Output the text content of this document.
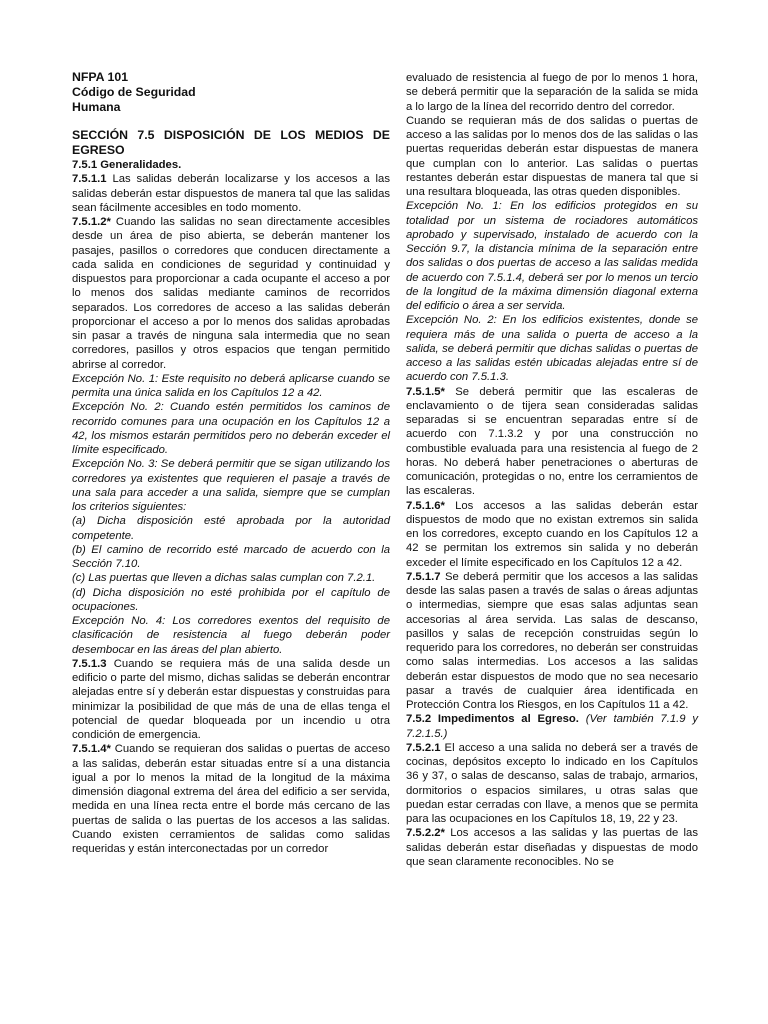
NFPA 101
Código de Seguridad
Humana
SECCIÓN 7.5 DISPOSICIÓN DE LOS MEDIOS DE EGRESO

7.5.1 Generalidades.

7.5.1.1 Las salidas deberán localizarse y los accesos a las salidas deberán estar dispuestos de manera tal que las salidas sean fácilmente accesibles en todo momento.

7.5.1.2* Cuando las salidas no sean directamente accesibles desde un área de piso abierta, se deberán mantener los pasajes, pasillos o corredores que conducen directamente a cada salida en condiciones de seguridad y continuidad y dispuestos para proporcionar a cada ocupante el acceso a por lo menos dos salidas mediante caminos de recorridos separados. Los corredores de acceso a las salidas deberán proporcionar el acceso a por lo menos dos salidas aprobadas sin pasar a través de ninguna sala intermedia que no sean corredores, pasillos y otros espacios que tengan permitido abrirse al corredor.

Excepción No. 1: Este requisito no deberá aplicarse cuando se permita una única salida en los Capítulos 12 a 42.

Excepción No. 2: Cuando estén permitidos los caminos de recorrido comunes para una ocupación en los Capítulos 12 a 42, los mismos estarán permitidos pero no deberán exceder el límite especificado.

Excepción No. 3: Se deberá permitir que se sigan utilizando los corredores ya existentes que requieren el pasaje a través de una sala para acceder a una salida, siempre que se cumplan los criterios siguientes:

(a) Dicha disposición esté aprobada por la autoridad competente.

(b) El camino de recorrido esté marcado de acuerdo con la Sección 7.10.

(c) Las puertas que lleven a dichas salas cumplan con 7.2.1.

(d) Dicha disposición no esté prohibida por el capítulo de ocupaciones.

Excepción No. 4: Los corredores exentos del requisito de clasificación de resistencia al fuego deberán poder desembocar en las áreas del plan abierto.

7.5.1.3 Cuando se requiera más de una salida desde un edificio o parte del mismo, dichas salidas se deberán encontrar alejadas entre sí y deberán estar dispuestas y construidas para minimizar la posibilidad de que más de una de ellas tenga el potencial de quedar bloqueada por un incendio u otra condición de emergencia.

7.5.1.4* Cuando se requieran dos salidas o puertas de acceso a las salidas, deberán estar situadas entre sí a una distancia igual a por lo menos la mitad de la longitud de la máxima dimensión diagonal extrema del área del edificio a ser servida, medida en una línea recta entre el borde más cercano de las puertas de salida o las puertas de los accesos a las salidas. Cuando existen cerramientos de salidas como salidas requeridas y están interconectadas por un corredor

evaluado de resistencia al fuego de por lo menos 1 hora, se deberá permitir que la separación de la salida se mida a lo largo de la línea del recorrido dentro del corredor.

Cuando se requieran más de dos salidas o puertas de acceso a las salidas por lo menos dos de las salidas o las puertas requeridas deberán estar dispuestas de manera que cumplan con lo anterior. Las salidas o puertas restantes deberán estar dispuestas de manera tal que si una resultara bloqueada, las otras queden disponibles.

Excepción No. 1: En los edificios protegidos en su totalidad por un sistema de rociadores automáticos aprobado y supervisado, instalado de acuerdo con la Sección 9.7, la distancia mínima de la separación entre dos salidas o dos puertas de acceso a las salidas medida de acuerdo con 7.5.1.4, deberá ser por lo menos un tercio de la longitud de la máxima dimensión diagonal externa del edificio o área a ser servida.

Excepción No. 2: En los edificios existentes, donde se requiera más de una salida o puerta de acceso a la salida, se deberá permitir que dichas salidas o puertas de acceso a las salidas estén ubicadas alejadas entre sí de acuerdo con 7.5.1.3.

7.5.1.5* Se deberá permitir que las escaleras de enclavamiento o de tijera sean consideradas salidas separadas si se encuentran separadas entre sí de acuerdo con 7.1.3.2 y por una construcción no combustible evaluada para una resistencia al fuego de 2 horas. No deberá haber penetraciones o aberturas de comunicación, protegidas o no, entre los cerramientos de las escaleras.

7.5.1.6* Los accesos a las salidas deberán estar dispuestos de modo que no existan extremos sin salida en los corredores, excepto cuando en los Capítulos 12 a 42 se permitan los extremos sin salida y no deberán exceder el límite especificado en los Capítulos 12 a 42.

7.5.1.7 Se deberá permitir que los accesos a las salidas desde las salas pasen a través de salas o áreas adjuntas o intermedias, siempre que esas salas adjuntas sean accesorias al área servida. Las salas de descanso, pasillos y salas de recepción construidas según lo requerido para los corredores, no deberán ser construidas como salas intermedias. Los accesos a las salidas deberán estar dispuestos de modo que no sea necesario pasar a través de cualquier área identificada en Protección Contra los Riesgos, en los Capítulos 11 a 42.

7.5.2 Impedimentos al Egreso. (Ver también 7.1.9 y 7.2.1.5.)

7.5.2.1 El acceso a una salida no deberá ser a través de cocinas, depósitos excepto lo indicado en los Capítulos 36 y 37, o salas de descanso, salas de trabajo, armarios, dormitorios o espacios similares, u otras salas que puedan estar cerradas con llave, a menos que se permita para las ocupaciones en los Capítulos 18, 19, 22 y 23.

7.5.2.2* Los accesos a las salidas y las puertas de las salidas deberán estar diseñadas y dispuestas de modo que sean claramente reconocibles. No se
